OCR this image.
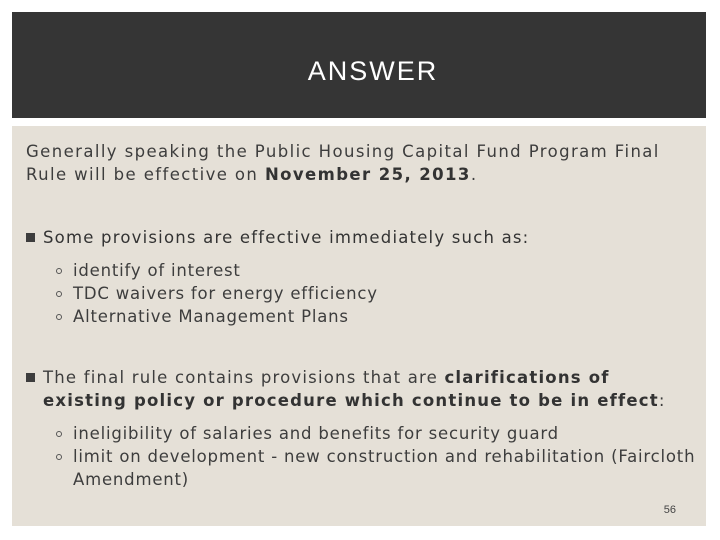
ANSWER
Generally speaking the Public Housing Capital Fund Program Final Rule will be effective on November 25, 2013.
Some provisions are effective immediately such as:
identify of interest
TDC waivers for energy efficiency
Alternative Management Plans
The final rule contains provisions that are clarifications of existing policy or procedure which continue to be in effect:
ineligibility of salaries and benefits for security guard
limit on development - new construction and rehabilitation (Faircloth Amendment)
56
